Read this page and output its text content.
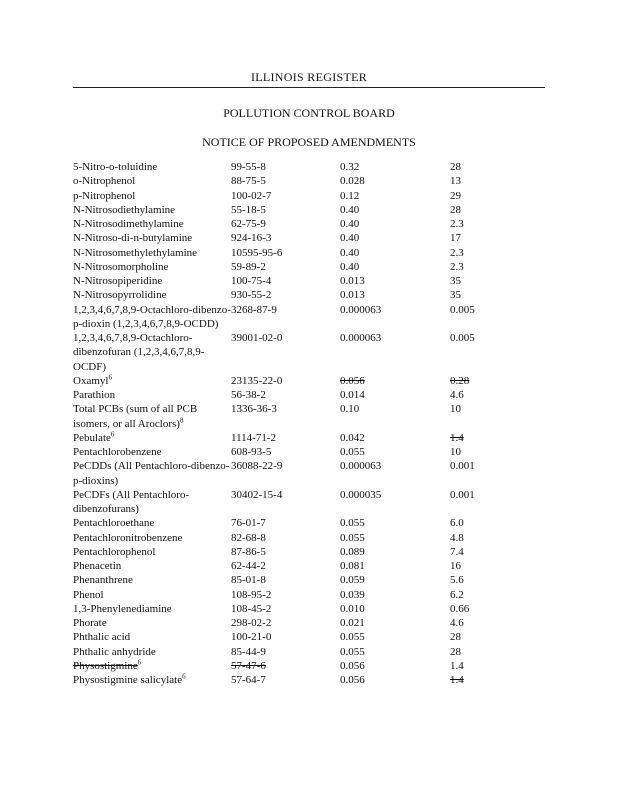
ILLINOIS REGISTER
POLLUTION CONTROL BOARD
NOTICE OF PROPOSED AMENDMENTS
5-Nitro-o-toluidine	99-55-8	0.32	28
o-Nitrophenol	88-75-5	0.028	13
p-Nitrophenol	100-02-7	0.12	29
N-Nitrosodiethylamine	55-18-5	0.40	28
N-Nitrosodimethylamine	62-75-9	0.40	2.3
N-Nitroso-di-n-butylamine	924-16-3	0.40	17
N-Nitrosomethylethylamine	10595-95-6	0.40	2.3
N-Nitrosomorpholine	59-89-2	0.40	2.3
N-Nitrosopiperidine	100-75-4	0.013	35
N-Nitrosopyrrolidine	930-55-2	0.013	35
1,2,3,4,6,7,8,9-Octachloro-dibenzo-p-dioxin (1,2,3,4,6,7,8,9-OCDD)	3268-87-9	0.000063	0.005
1,2,3,4,6,7,8,9-Octachloro-dibenzofuran (1,2,3,4,6,7,8,9-OCDF)	39001-02-0	0.000063	0.005
Oxamyl$^6$	23135-22-0	0.056	0.28
Parathion	56-38-2	0.014	4.6
Total PCBs (sum of all PCB isomers, or all Aroclors)$^8$	1336-36-3	0.10	10
Pebulate$^6$	1114-71-2	0.042	1.4
Pentachlorobenzene	608-93-5	0.055	10
PeCDDs (All Pentachloro-dibenzo-p-dioxins)	36088-22-9	0.000063	0.001
PeCDFs (All Pentachloro-dibenzofurans)	30402-15-4	0.000035	0.001
Pentachloroethane	76-01-7	0.055	6.0
Pentachloronitrobenzene	82-68-8	0.055	4.8
Pentachlorophenol	87-86-5	0.089	7.4
Phenacetin	62-44-2	0.081	16
Phenanthrene	85-01-8	0.059	5.6
Phenol	108-95-2	0.039	6.2
1,3-Phenylenediamine	108-45-2	0.010	0.66
Phorate	298-02-2	0.021	4.6
Phthalic acid	100-21-0	0.055	28
Phthalic anhydride	85-44-9	0.055	28
Physostigmine$^6$	57-47-6	0.056	1.4
Physostigmine salicylate$^6$	57-64-7	0.056	1.4
